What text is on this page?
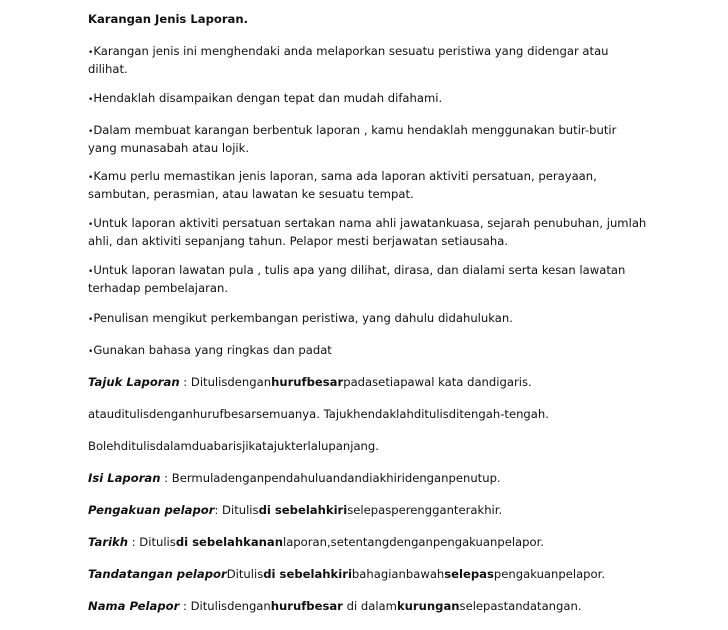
Karangan Jenis Laporan.
•Karangan jenis ini menghendaki anda melaporkan sesuatu peristiwa yang didengar atau dilihat.
•Hendaklah disampaikan dengan tepat dan mudah difahami.
•Dalam membuat karangan berbentuk laporan , kamu hendaklah menggunakan butir-butir yang munasabah atau lojik.
•Kamu perlu memastikan jenis laporan, sama ada laporan aktiviti persatuan, perayaan, sambutan, perasmian, atau lawatan ke sesuatu tempat.
•Untuk laporan aktiviti persatuan sertakan nama ahli jawatankuasa, sejarah penubuhan, jumlah ahli, dan aktiviti sepanjang tahun. Pelapor mesti berjawatan setiausaha.
•Untuk laporan lawatan pula , tulis apa yang dilihat, dirasa, dan dialami serta kesan lawatan terhadap pembelajaran.
•Penulisan mengikut perkembangan peristiwa, yang dahulu didahulukan.
•Gunakan bahasa yang ringkas dan padat
Tajuk Laporan : Ditulisdenganhurufbesarpadasetiapawal kata dandigaris.
atauditulisdenganhurufbesarsemuanya. Tajukhendaklahditulisditengah-tengah.
Bolehditulisdalamduabarisjikatajukterlalupanjang.
Isi Laporan : Bermuladenganpendahuluandandiakhiridenganpenutup.
Pengakuan pelapor: Ditulisdi sebelahkiriselepasperengganterakhir.
Tarikh : Ditulisdi sebelahkananlaporan,setentangdenganpengakuanpelapor.
Tandatangan pelaporDitulisdi sebelahkiribahagianbawahselepaspengakuanpelapor.
Nama Pelapor : Ditulisdenganhurufbesar di dalamkurunganselepastandatangan.
